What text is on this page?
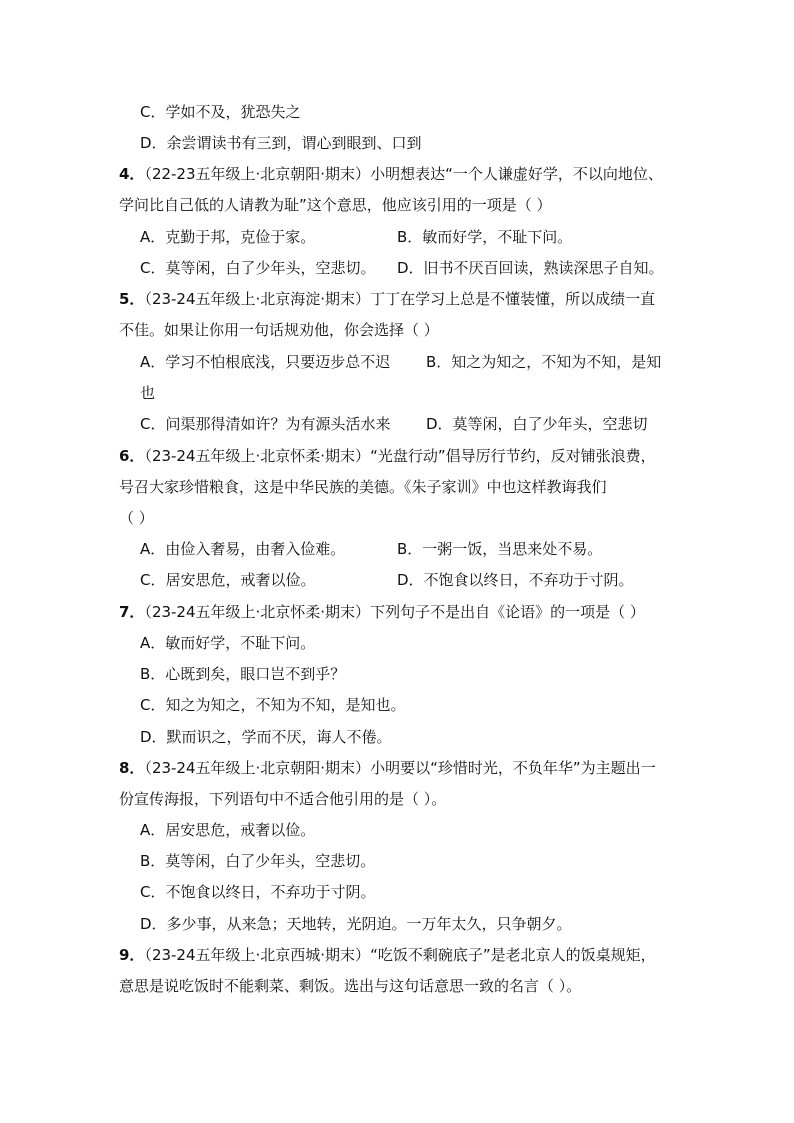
C．学如不及，犹恐失之
D．余尝谓读书有三到，谓心到眼到、口到
4．（22-23五年级上·北京朝阳·期末）小明想表达“一个人谦虚好学，不以向地位、
学问比自己低的人请教为耻”这个意思，他应该引用的一项是（ ）
A．克勤于邦，克俭于家。	B．敏而好学，不耻下问。
C．莫等闲，白了少年头，空悲切。 D．旧书不厌百回读，熟读深思子自知。
5．（23-24五年级上·北京海淀·期末）丁丁在学习上总是不懂装懂，所以成绩一直
不佳。如果让你用一句话规劝他，你会选择（ ）
A．学习不怕根底浅，只要迈步总不迟 B．知之为知之，不知为不知，是知
也
C．问渠那得清如许？为有源头活水来 D．莫等闲，白了少年头，空悲切
6．（23-24五年级上·北京怀柔·期末）“光盘行动”倡导厉行节约，反对铺张浪费，
号召大家珍惜粮食，这是中华民族的美德。《朱子家训》中也这样教诲我们
（ ）
A．由俭入奢易，由奢入俭难。	B．一粥一饭，当思来处不易。
C．居安思危，戒奢以俭。	D．不饱食以终日，不弃功于寸阴。
7．（23-24五年级上·北京怀柔·期末）下列句子不是出自《论语》的一项是（ ）
A．敏而好学，不耻下问。
B．心既到矣，眼口岂不到乎？
C．知之为知之，不知为不知，是知也。
D．默而识之，学而不厌，诲人不倦。
8．（23-24五年级上·北京朝阳·期末）小明要以“珍惜时光，不负年华”为主题出一
份宣传海报，下列语句中不适合他引用的是（ ）。
A．居安思危，戒奢以俭。
B．莫等闲，白了少年头，空悲切。
C．不饱食以终日，不弃功于寸阴。
D．多少事，从来急；天地转，光阴迫。一万年太久，只争朝夕。
9．（23-24五年级上·北京西城·期末）“吃饭不剩碗底子”是老北京人的饭桌规矩，
意思是说吃饭时不能剩菜、剩饭。选出与这句话意思一致的名言（ ）。
